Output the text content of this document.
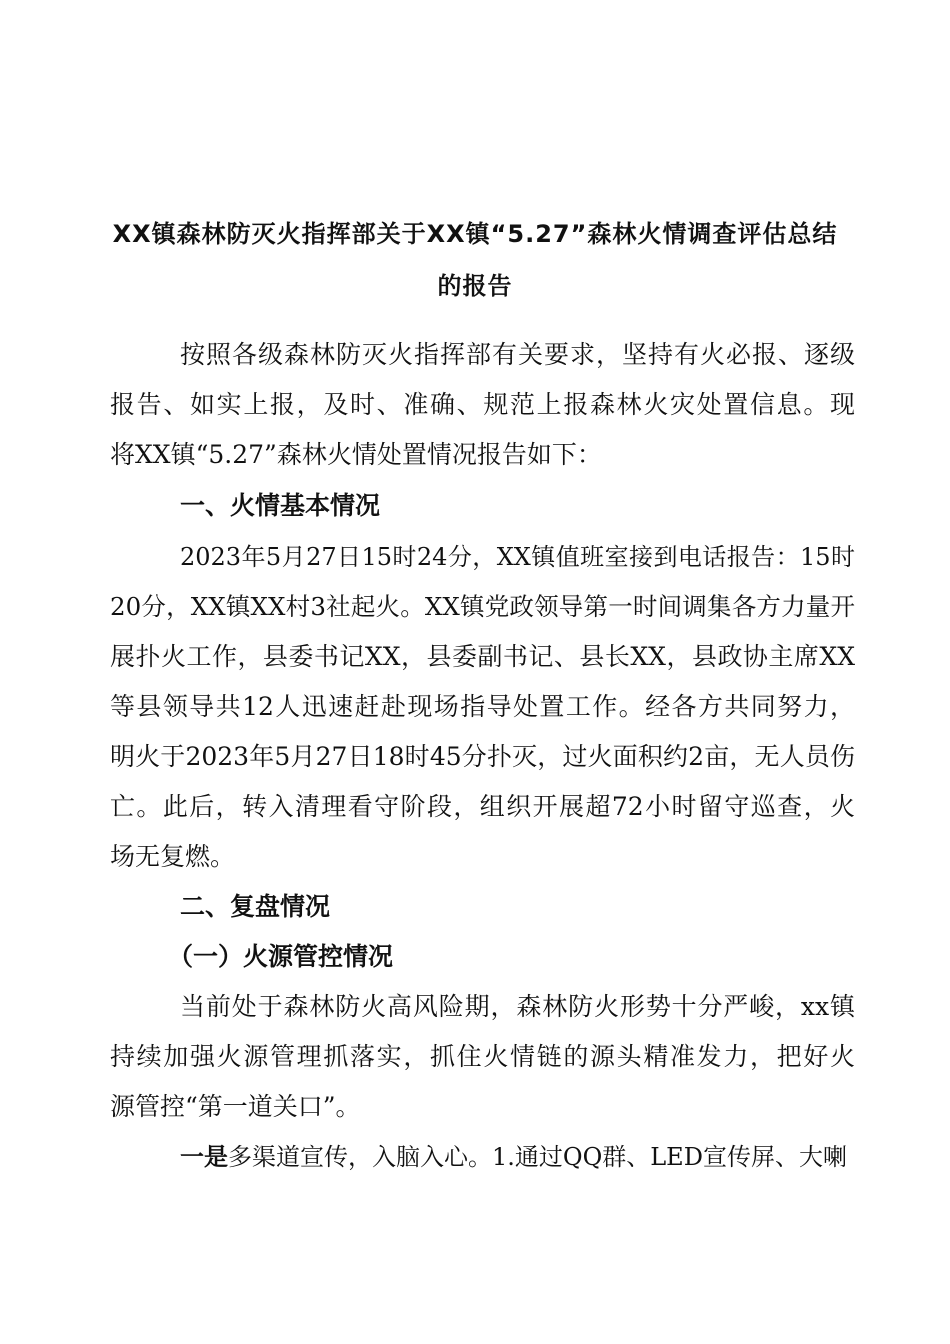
XX镇森林防灭火指挥部关于XX镇“5.27”森林火情调查评估总结
的报告
按照各级森林防灭火指挥部有关要求，坚持有火必报、逐级
报告、如实上报，及时、准确、规范上报森林火灾处置信息。现
将XX镇“5.27”森林火情处置情况报告如下：
一、火情基本情况
2023年5月27日15时24分，XX镇值班室接到电话报告：15时
20分，XX镇XX村3社起火。XX镇党政领导第一时间调集各方力量开
展扑火工作，县委书记XX，县委副书记、县长XX，县政协主席XX
等县领导共12人迅速赶赴现场指导处置工作。经各方共同努力，
明火于2023年5月27日18时45分扑灭，过火面积约2亩，无人员伤
亡。此后，转入清理看守阶段，组织开展超72小时留守巡查，火
场无复燃。
二、复盘情况
（一）火源管控情况
当前处于森林防火高风险期，森林防火形势十分严峻，xx镇
持续加强火源管理抓落实，抓住火情链的源头精准发力，把好火
源管控“第一道关口”。
一是多渠道宣传，入脑入心。1.通过QQ群、LED宣传屏、大喇
